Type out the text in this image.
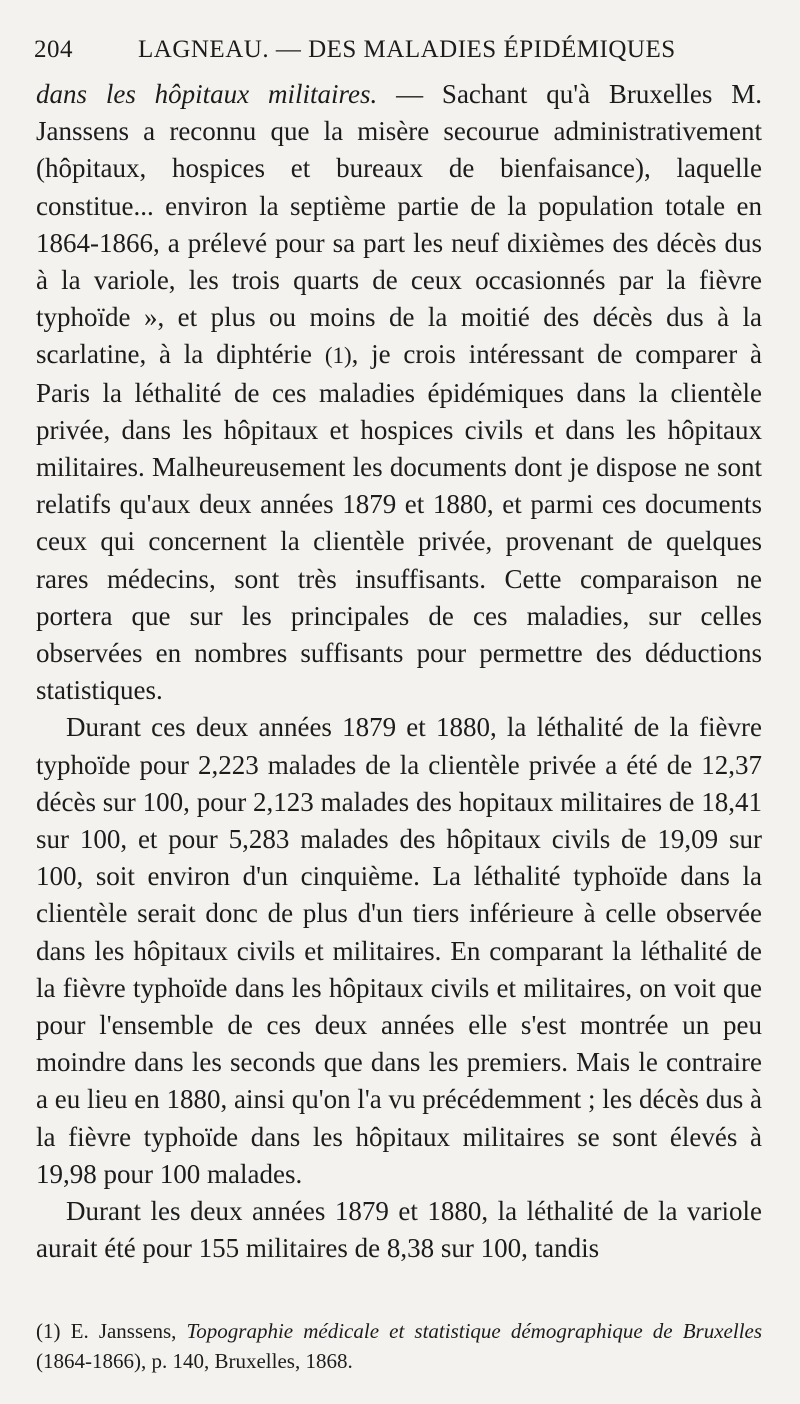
204	LAGNEAU. — DES MALADIES ÉPIDÉMIQUES

dans les hôpitaux militaires. — Sachant qu'à Bruxelles M. Janssens a reconnu que la misère secourue administrativement (hôpitaux, hospices et bureaux de bienfaisance), laquelle constitue... environ la septième partie de la population totale en 1864-1866, a prélevé pour sa part les neuf dixièmes des décès dus à la variole, les trois quarts de ceux occasionnés par la fièvre typhoïde », et plus ou moins de la moitié des décès dus à la scarlatine, à la diphtérie (1), je crois intéressant de comparer à Paris la léthalité de ces maladies épidémiques dans la clientèle privée, dans les hôpitaux et hospices civils et dans les hôpitaux militaires. Malheureusement les documents dont je dispose ne sont relatifs qu'aux deux années 1879 et 1880, et parmi ces documents ceux qui concernent la clientèle privée, provenant de quelques rares médecins, sont très insuffisants. Cette comparaison ne portera que sur les principales de ces maladies, sur celles observées en nombres suffisants pour permettre des déductions statistiques.

Durant ces deux années 1879 et 1880, la léthalité de la fièvre typhoïde pour 2,223 malades de la clientèle privée a été de 12,37 décès sur 100, pour 2,123 malades des hopitaux militaires de 18,41 sur 100, et pour 5,283 malades des hôpitaux civils de 19,09 sur 100, soit environ d'un cinquième. La léthalité typhoïde dans la clientèle serait donc de plus d'un tiers inférieure à celle observée dans les hôpitaux civils et militaires. En comparant la léthalité de la fièvre typhoïde dans les hôpitaux civils et militaires, on voit que pour l'ensemble de ces deux années elle s'est montrée un peu moindre dans les seconds que dans les premiers. Mais le contraire a eu lieu en 1880, ainsi qu'on l'a vu précédemment ; les décès dus à la fièvre typhoïde dans les hôpitaux militaires se sont élevés à 19,98 pour 100 malades.

Durant les deux années 1879 et 1880, la léthalité de la variole aurait été pour 155 militaires de 8,38 sur 100, tandis

(1) E. Janssens, Topographie médicale et statistique démographique de Bruxelles (1864-1866), p. 140, Bruxelles, 1868.
